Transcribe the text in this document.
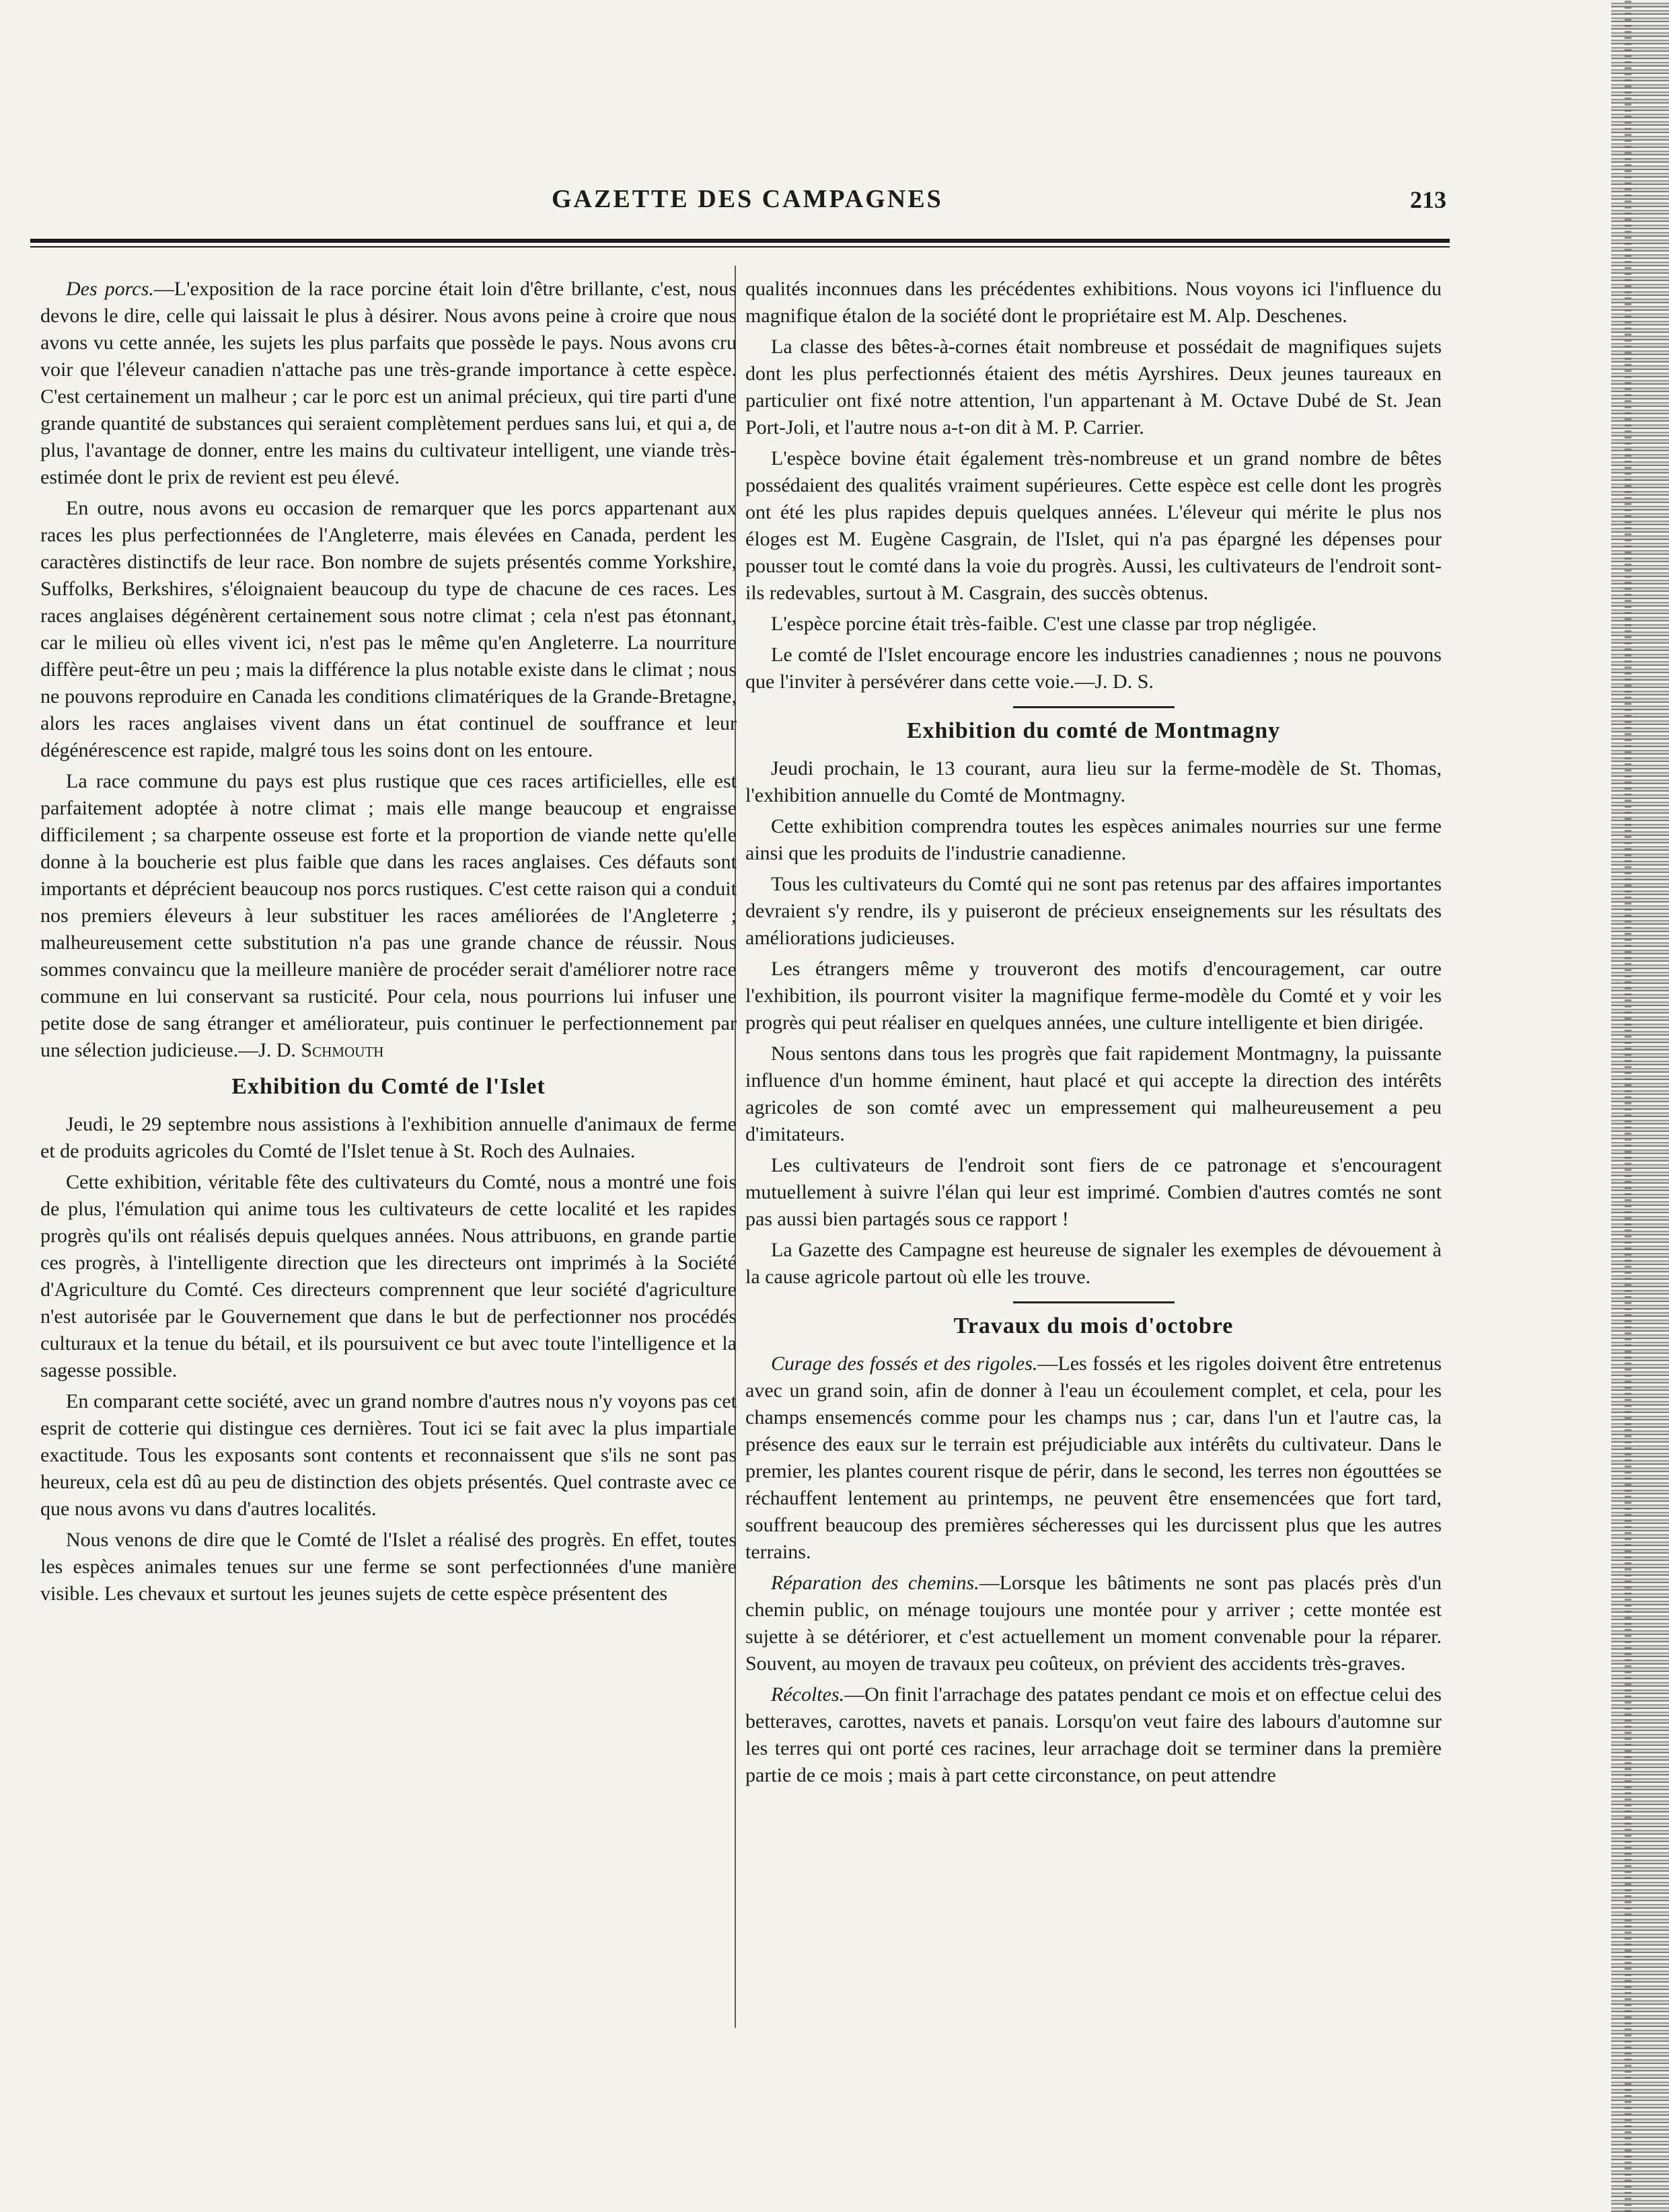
GAZETTE DES CAMPAGNES	213

Des porcs.—L'exposition de la race porcine était loin d'être brillante, c'est, nous devons le dire, celle qui laissait le plus à désirer. Nous avons peine à croire que nous avons vu cette année, les sujets les plus parfaits que possède le pays. Nous avons cru voir que l'éleveur canadien n'attache pas une très-grande importance à cette espèce. C'est certainement un malheur ; car le porc est un animal précieux, qui tire parti d'une grande quantité de substances qui seraient complètement perdues sans lui, et qui a, de plus, l'avantage de donner, entre les mains du cultivateur intelligent, une viande très-estimée dont le prix de revient est peu élevé.

En outre, nous avons eu occasion de remarquer que les porcs appartenant aux races les plus perfectionnées de l'Angleterre, mais élevées en Canada, perdent les caractères distinctifs de leur race. Bon nombre de sujets présentés comme Yorkshire, Suffolks, Berkshires, s'éloignaient beaucoup du type de chacune de ces races. Les races anglaises dégénèrent certainement sous notre climat ; cela n'est pas étonnant, car le milieu où elles vivent ici, n'est pas le même qu'en Angleterre. La nourriture diffère peut-être un peu ; mais la différence la plus notable existe dans le climat ; nous ne pouvons reproduire en Canada les conditions climatériques de la Grande-Bretagne, alors les races anglaises vivent dans un état continuel de souffrance et leur dégénérescence est rapide, malgré tous les soins dont on les entoure.

La race commune du pays est plus rustique que ces races artificielles, elle est parfaitement adoptée à notre climat ; mais elle mange beaucoup et engraisse difficilement ; sa charpente osseuse est forte et la proportion de viande nette qu'elle donne à la boucherie est plus faible que dans les races anglaises. Ces défauts sont importants et déprécient beaucoup nos porcs rustiques. C'est cette raison qui a conduit nos premiers éleveurs à leur substituer les races améliorées de l'Angleterre ; malheureusement cette substitution n'a pas une grande chance de réussir. Nous sommes convaincu que la meilleure manière de procéder serait d'améliorer notre race commune en lui conservant sa rusticité. Pour cela, nous pourrions lui infuser une petite dose de sang étranger et améliorateur, puis continuer le perfectionnement par une sélection judicieuse.—J. D. Schmouth

Exhibition du Comté de l'Islet

Jeudi, le 29 septembre nous assistions à l'exhibition annuelle d'animaux de ferme et de produits agricoles du Comté de l'Islet tenue à St. Roch des Aulnaies.

Cette exhibition, véritable fête des cultivateurs du Comté, nous a montré une fois de plus, l'émulation qui anime tous les cultivateurs de cette localité et les rapides progrès qu'ils ont réalisés depuis quelques années. Nous attribuons, en grande partie ces progrès, à l'intelligente direction que les directeurs ont imprimés à la Société d'Agriculture du Comté. Ces directeurs comprennent que leur société d'agriculture n'est autorisée par le Gouvernement que dans le but de perfectionner nos procédés culturaux et la tenue du bétail, et ils poursuivent ce but avec toute l'intelligence et la sagesse possible.

En comparant cette société, avec un grand nombre d'autres nous n'y voyons pas cet esprit de cotterie qui distingue ces dernières. Tout ici se fait avec la plus impartiale exactitude. Tous les exposants sont contents et reconnaissent que s'ils ne sont pas heureux, cela est dû au peu de distinction des objets présentés. Quel contraste avec ce que nous avons vu dans d'autres localités.

Nous venons de dire que le Comté de l'Islet a réalisé des progrès. En effet, toutes les espèces animales tenues sur une ferme se sont perfectionnées d'une manière visible. Les chevaux et surtout les jeunes sujets de cette espèce présentent des

qualités inconnues dans les précédentes exhibitions. Nous voyons ici l'influence du magnifique étalon de la société dont le propriétaire est M. Alp. Deschenes.

La classe des bêtes-à-cornes était nombreuse et possédait de magnifiques sujets dont les plus perfectionnés étaient des métis Ayrshires. Deux jeunes taureaux en particulier ont fixé notre attention, l'un appartenant à M. Octave Dubé de St. Jean Port-Joli, et l'autre nous a-t-on dit à M. P. Carrier.

L'espèce bovine était également très-nombreuse et un grand nombre de bêtes possédaient des qualités vraiment supérieures. Cette espèce est celle dont les progrès ont été les plus rapides depuis quelques années. L'éleveur qui mérite le plus nos éloges est M. Eugène Casgrain, de l'Islet, qui n'a pas épargné les dépenses pour pousser tout le comté dans la voie du progrès. Aussi, les cultivateurs de l'endroit sont-ils redevables, surtout à M. Casgrain, des succès obtenus.

L'espèce porcine était très-faible. C'est une classe par trop négligée.

Le comté de l'Islet encourage encore les industries canadiennes ; nous ne pouvons que l'inviter à persévérer dans cette voie.—J. D. S.

Exhibition du comté de Montmagny

Jeudi prochain, le 13 courant, aura lieu sur la ferme-modèle de St. Thomas, l'exhibition annuelle du Comté de Montmagny.

Cette exhibition comprendra toutes les espèces animales nourries sur une ferme ainsi que les produits de l'industrie canadienne.

Tous les cultivateurs du Comté qui ne sont pas retenus par des affaires importantes devraient s'y rendre, ils y puiseront de précieux enseignements sur les résultats des améliorations judicieuses.

Les étrangers même y trouveront des motifs d'encouragement, car outre l'exhibition, ils pourront visiter la magnifique ferme-modèle du Comté et y voir les progrès qui peut réaliser en quelques années, une culture intelligente et bien dirigée.

Nous sentons dans tous les progrès que fait rapidement Montmagny, la puissante influence d'un homme éminent, haut placé et qui accepte la direction des intérêts agricoles de son comté avec un empressement qui malheureusement a peu d'imitateurs.

Les cultivateurs de l'endroit sont fiers de ce patronage et s'encouragent mutuellement à suivre l'élan qui leur est imprimé. Combien d'autres comtés ne sont pas aussi bien partagés sous ce rapport !

La Gazette des Campagne est heureuse de signaler les exemples de dévouement à la cause agricole partout où elle les trouve.

Travaux du mois d'octobre

Curage des fossés et des rigoles.—Les fossés et les rigoles doivent être entretenus avec un grand soin, afin de donner à l'eau un écoulement complet, et cela, pour les champs ensemencés comme pour les champs nus ; car, dans l'un et l'autre cas, la présence des eaux sur le terrain est préjudiciable aux intérêts du cultivateur. Dans le premier, les plantes courent risque de périr, dans le second, les terres non égouttées se réchauffent lentement au printemps, ne peuvent être ensemencées que fort tard, souffrent beaucoup des premières sécheresses qui les durcissent plus que les autres terrains.

Réparation des chemins.—Lorsque les bâtiments ne sont pas placés près d'un chemin public, on ménage toujours une montée pour y arriver ; cette montée est sujette à se détériorer, et c'est actuellement un moment convenable pour la réparer. Souvent, au moyen de travaux peu coûteux, on prévient des accidents très-graves.

Récoltes.—On finit l'arrachage des patates pendant ce mois et on effectue celui des betteraves, carottes, navets et panais. Lorsqu'on veut faire des labours d'automne sur les terres qui ont porté ces racines, leur arrachage doit se terminer dans la première partie de ce mois ; mais à part cette circonstance, on peut attendre
